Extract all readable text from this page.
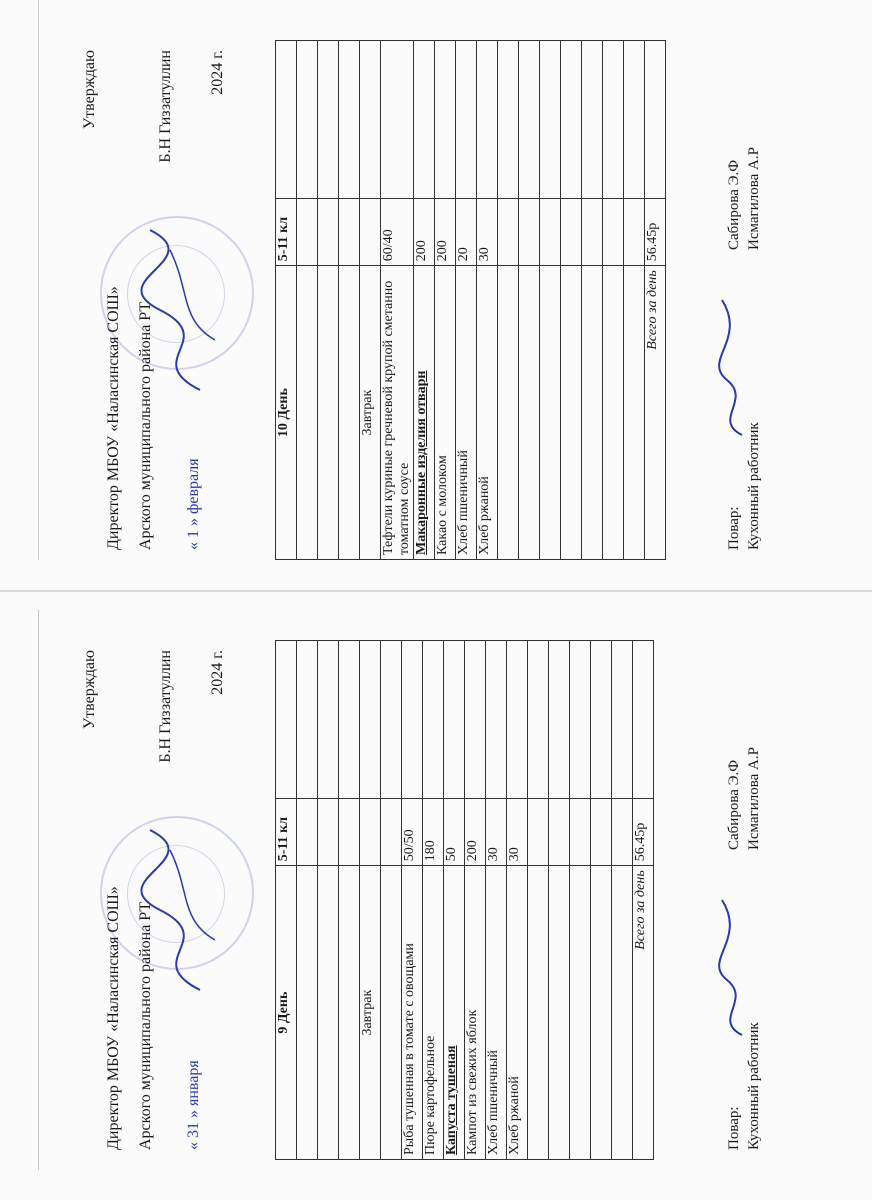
Утверждаю
Директор МБОУ «Наласинская СОШ» Арского муниципального района РТ
Б.Н Гиззатуллин
« 1 » февраля
2024 г.
10 День	5-11 кл	

Завтрак		
Тефтели куриные гречневой крупой сметанно томатном соусе	60/40	
Макаронные изделия отварн	200	
Какао с молоком	200	
Хлеб пшеничный	20	
Хлеб ржаной	30	

Всего за день	56.45р	
Повар: Кухонный работник
Сабирова Э.Ф Исмагилова А.Р
Утверждаю
Директор МБОУ «Наласинская СОШ» Арского муниципального района РТ
Б.Н Гиззатуллин
« 31 » января
2024 г.
9 День	5-11 кл	

Завтрак		

Рыба тушенная в томате с овощами	50/50	
Пюре картофельное	180	
Капуста тушеная	50	
Кампот из свежих яблок	200	
Хлеб пшеничный	30	
Хлеб ржаной	30	

Всего за день	56.45р	
Повар: Кухонный работник
Сабирова Э.Ф Исмагилова А.Р
